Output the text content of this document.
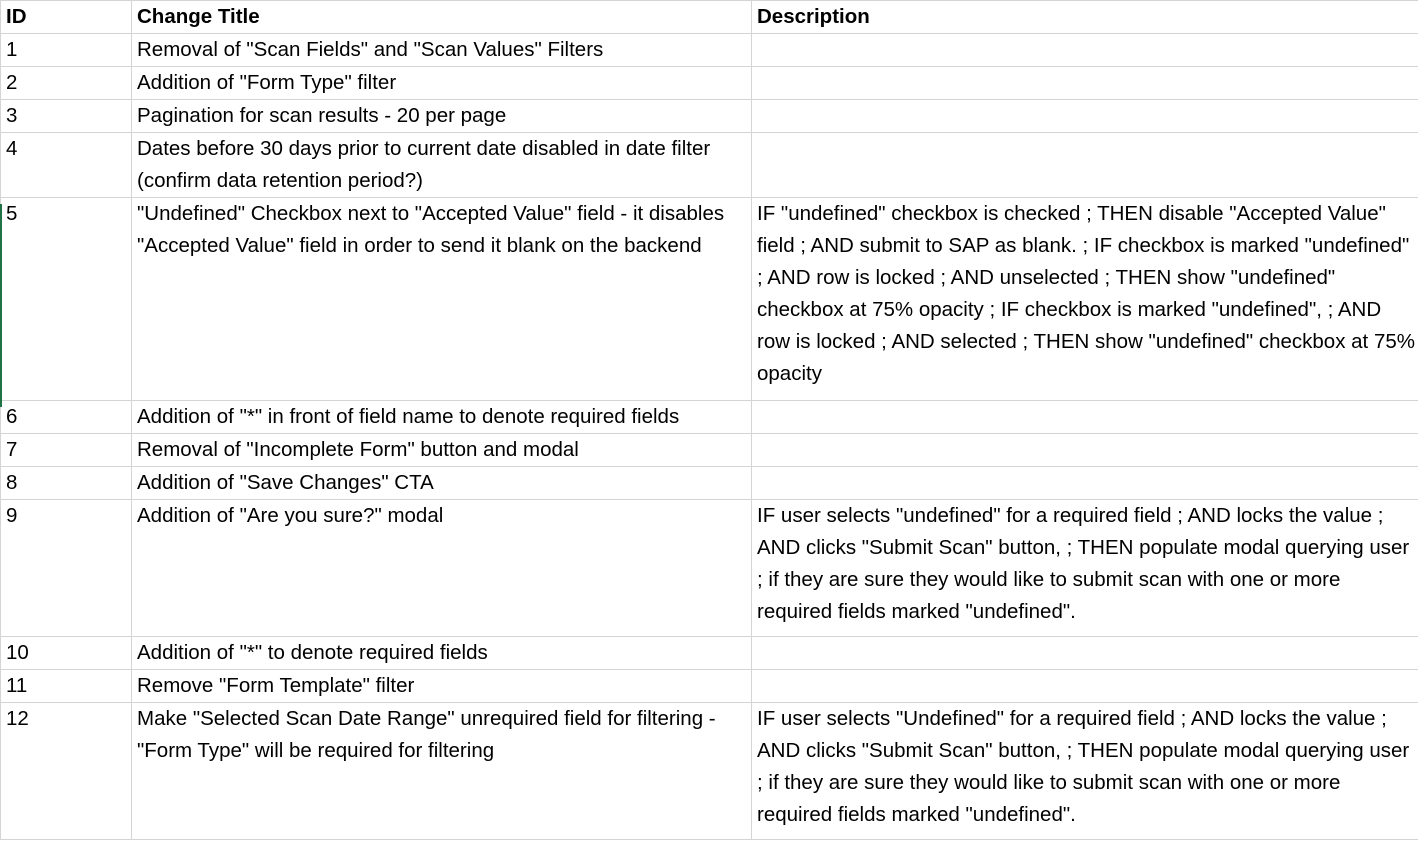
ID	Change Title	Description
1	Removal of "Scan Fields" and "Scan Values" Filters	
2	Addition of "Form Type" filter	
3	Pagination for scan results - 20 per page	
4	Dates before 30 days prior to current date disabled in date filter (confirm data retention period?)	
5	"Undefined" Checkbox next to "Accepted Value" field - it disables "Accepted Value" field in order to send it blank on the backend	IF "undefined" checkbox is checked ; THEN disable "Accepted Value" field ; AND submit to SAP as blank. ; IF checkbox is marked "undefined" ; AND row is locked ; AND unselected ; THEN show "undefined" checkbox at 75% opacity ; IF checkbox is marked "undefined", ; AND row is locked ; AND selected ; THEN show "undefined" checkbox at 75% opacity
6	Addition of "*" in front of field name to denote required fields	
7	Removal of "Incomplete Form" button and modal	
8	Addition of "Save Changes" CTA	
9	Addition of "Are you sure?" modal	IF user selects "undefined" for a required field ; AND locks the value ; AND clicks "Submit Scan" button, ; THEN populate modal querying user ; if they are sure they would like to submit scan with one or more required fields marked "undefined".
10	Addition of "*" to denote required fields	
11	Remove "Form Template" filter	
12	Make "Selected Scan Date Range" unrequired field for filtering - "Form Type" will be required for filtering	IF user selects "Undefined" for a required field ; AND locks the value ; AND clicks "Submit Scan" button, ; THEN populate modal querying user ; if they are sure they would like to submit scan with one or more required fields marked "undefined".
